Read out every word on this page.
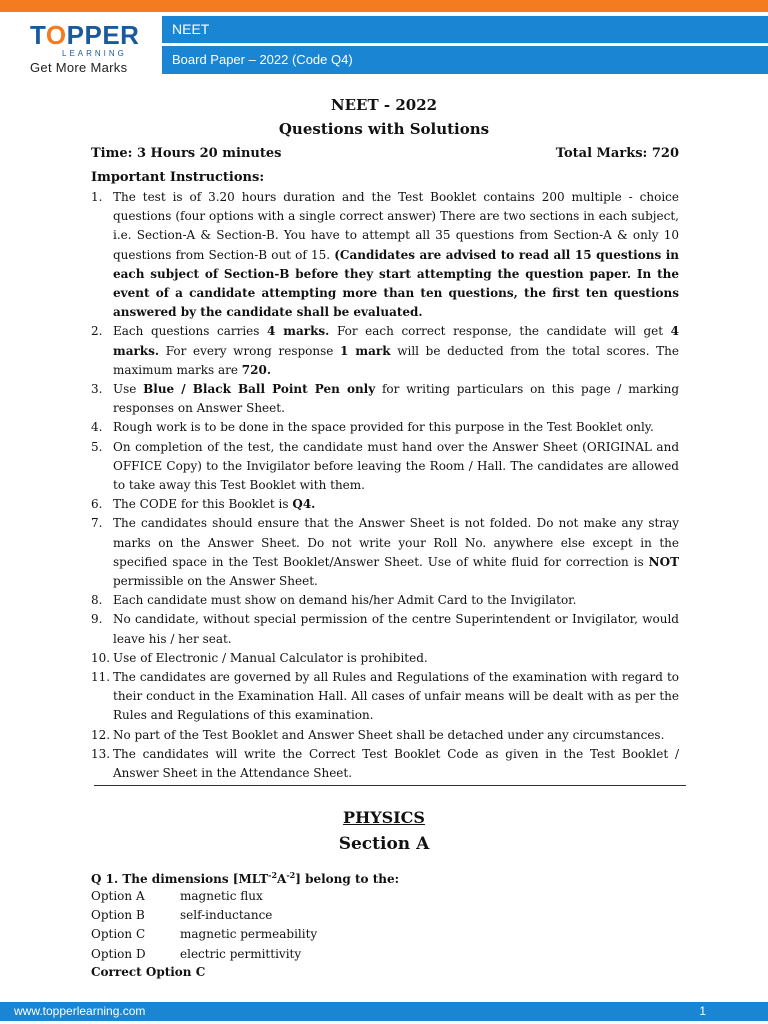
TOPPER
LEARNING
Get More Marks
NEET
Board Paper – 2022 (Code Q4)
NEET - 2022
Questions with Solutions
Time: 3 Hours 20 minutes	Total Marks: 720
Important Instructions:
1. The test is of 3.20 hours duration and the Test Booklet contains 200 multiple - choice questions (four options with a single correct answer) There are two sections in each subject, i.e. Section-A & Section-B. You have to attempt all 35 questions from Section-A & only 10 questions from Section-B out of 15. (Candidates are advised to read all 15 questions in each subject of Section-B before they start attempting the question paper. In the event of a candidate attempting more than ten questions, the first ten questions answered by the candidate shall be evaluated.
2. Each questions carries 4 marks. For each correct response, the candidate will get 4 marks. For every wrong response 1 mark will be deducted from the total scores. The maximum marks are 720.
3. Use Blue / Black Ball Point Pen only for writing particulars on this page / marking responses on Answer Sheet.
4. Rough work is to be done in the space provided for this purpose in the Test Booklet only.
5. On completion of the test, the candidate must hand over the Answer Sheet (ORIGINAL and OFFICE Copy) to the Invigilator before leaving the Room / Hall. The candidates are allowed to take away this Test Booklet with them.
6. The CODE for this Booklet is Q4.
7. The candidates should ensure that the Answer Sheet is not folded. Do not make any stray marks on the Answer Sheet. Do not write your Roll No. anywhere else except in the specified space in the Test Booklet/Answer Sheet. Use of white fluid for correction is NOT permissible on the Answer Sheet.
8. Each candidate must show on demand his/her Admit Card to the Invigilator.
9. No candidate, without special permission of the centre Superintendent or Invigilator, would leave his / her seat.
10. Use of Electronic / Manual Calculator is prohibited.
11. The candidates are governed by all Rules and Regulations of the examination with regard to their conduct in the Examination Hall. All cases of unfair means will be dealt with as per the Rules and Regulations of this examination.
12. No part of the Test Booklet and Answer Sheet shall be detached under any circumstances.
13. The candidates will write the Correct Test Booklet Code as given in the Test Booklet / Answer Sheet in the Attendance Sheet.
PHYSICS
Section A
Q 1. The dimensions $[MLT^{-2}A^{-2}]$ belong to the:
Option A	magnetic flux
Option B	self-inductance
Option C	magnetic permeability
Option D	electric permittivity
Correct Option C
www.topperlearning.com	1
